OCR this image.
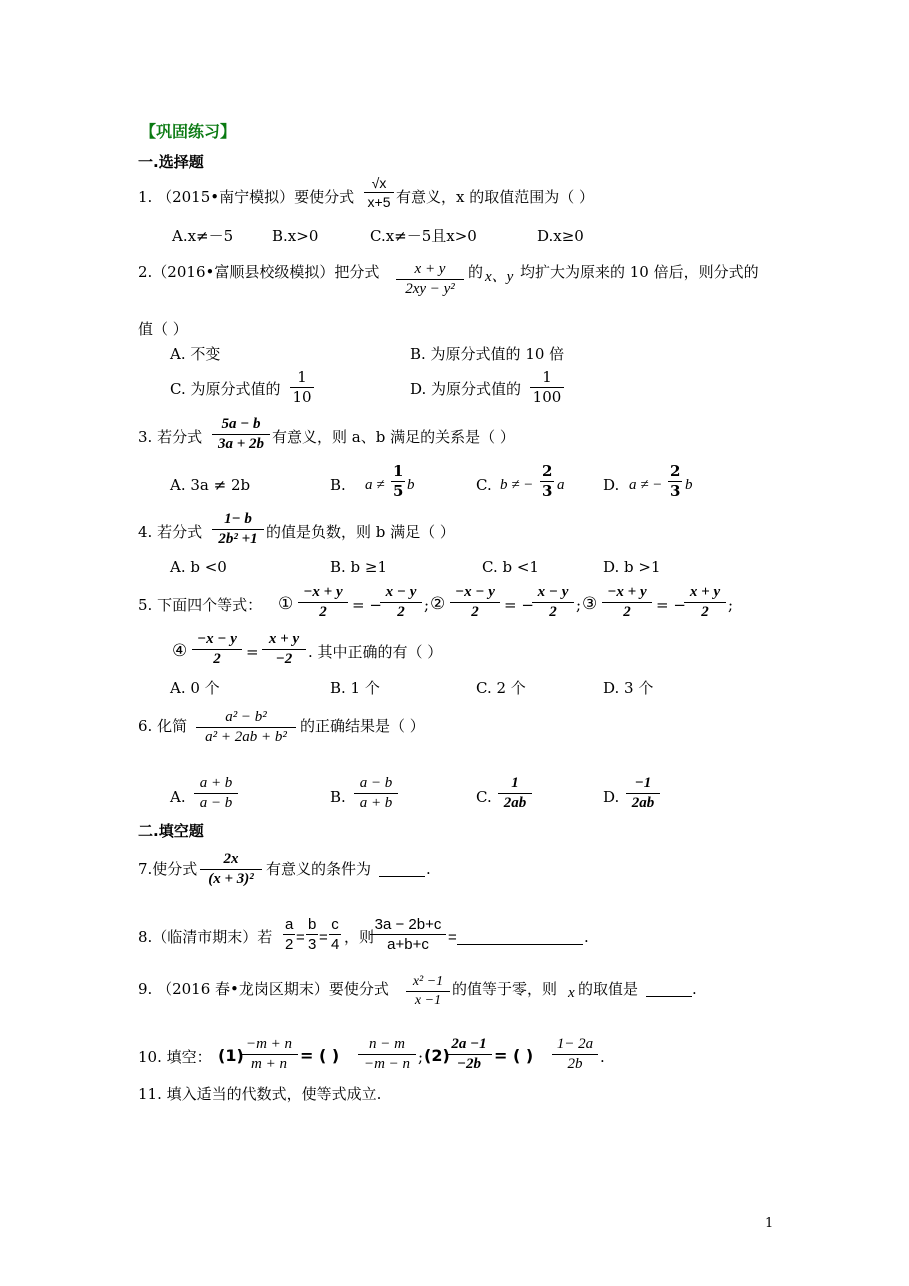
【巩固练习】
一.选择题
1. （2015•南宁模拟）要使分式
√x
x+5 有意义，x 的取值范围为（ ）
A.x≠－5	B.x>0	C.x≠－5且x>0	D.x≥0
2.（2016•富顺县校级模拟）把分式	x + y
2xy − y²
的 x、y 均扩大为原来的 10 倍后，则分式的
值（ ）
A. 不变	B. 为原分式值的 10 倍
C. 为原分式值的
1
10	D. 为原分式值的
1
100
3. 若分式
5a − b
3a + 2b 有意义，则 a、b 满足的关系是（ ）
A. 3a ≠ 2b	B. a ≠
1
5 b	C. b ≠ −
2
3 a	D. a ≠ −
2
3 b
4. 若分式
1− b
2b² +1 的值是负数，则 b 满足（ ）
A. b <0	B. b ≥1	C. b <1	D. b >1
5. 下面四个等式： ①
−x + y
2	= −
x − y
2	; ②
−x − y
2	= −
x − y
2	; ③
−x + y
2	= −
x + y
2	;
④
−x − y
2	=
x + y
−2	. 其中正确的有（ ）
A. 0 个	B. 1 个	C. 2 个	D. 3 个
6. 化简	a² − b²
a² + 2ab + b²
的正确结果是（ ）
A.
a + b
a − b	B.
a − b
a + b	C.
1
2ab	D.
−1
2ab
二.填空题
7.使分式
2x
(x + 3)²
有意义的条件为	.
8.（临清市期末）若
a
2 =
b
3 =
c
4 ，则
3a − 2b+c
a+b+c	=	.
9. （2016 春•龙岗区期末）要使分式	x² −1
x −1
的值等于零，则 x 的取值是	.
10. 填空： (1)
−m + n
m + n = ( )
n − m
−m − n ; (2)
2a −1
−2b = ( )
1− 2a
2b	.
11. 填入适当的代数式，使等式成立.
1
